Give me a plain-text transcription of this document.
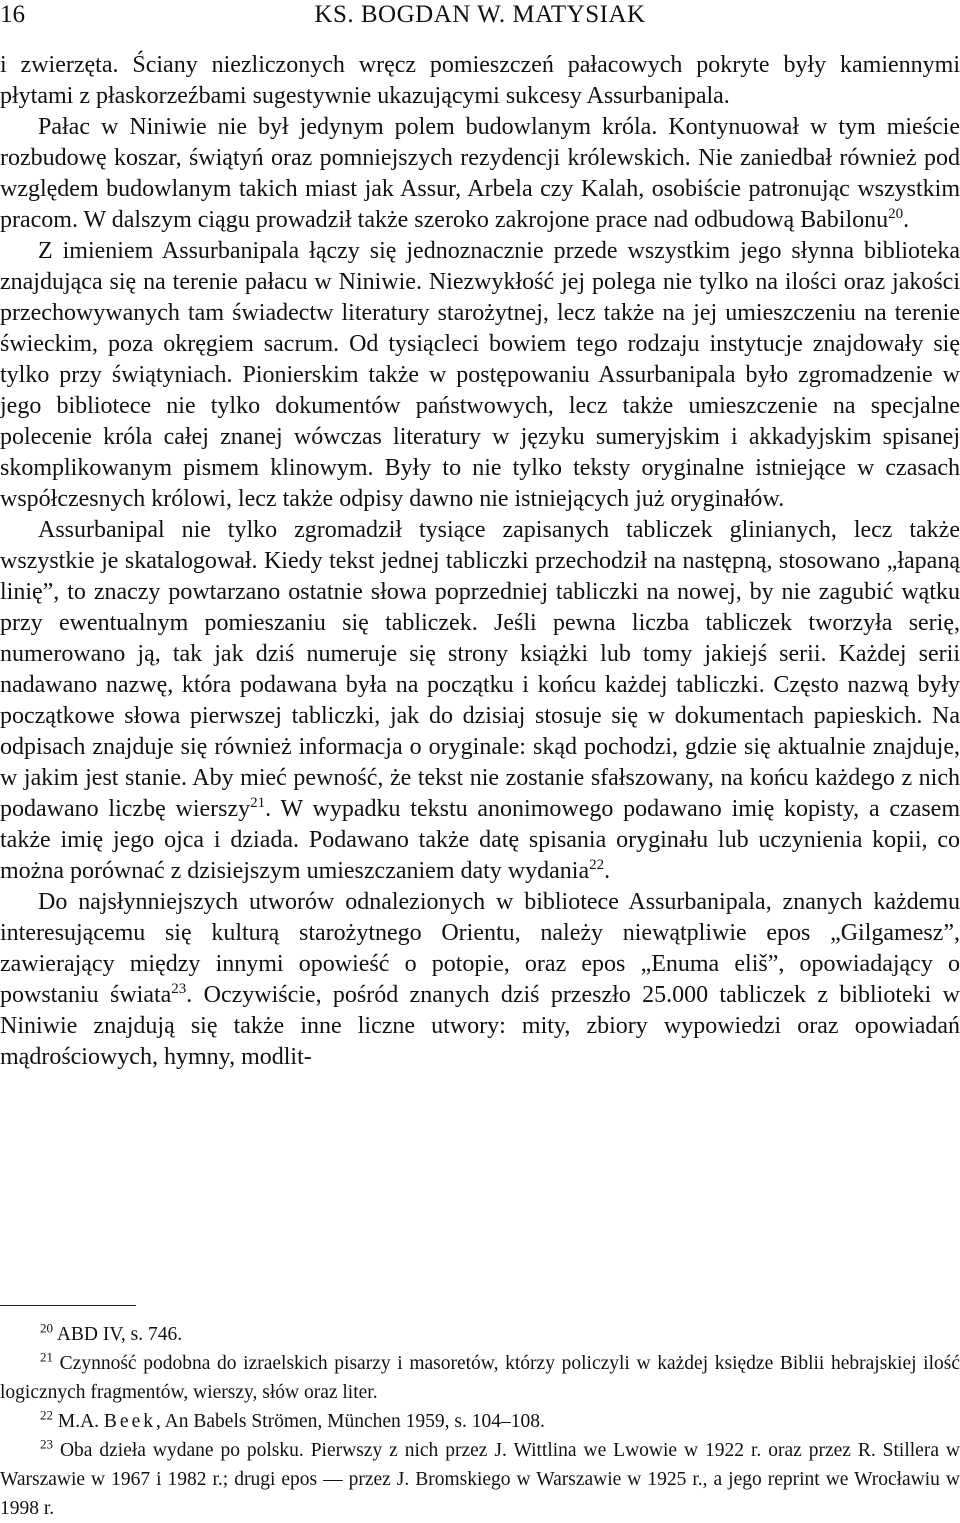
16	KS. BOGDAN W. MATYSIAK

i zwierzęta. Ściany niezliczonych wręcz pomieszczeń pałacowych pokryte były kamiennymi płytami z płaskorzeźbami sugestywnie ukazującymi sukcesy Assurbanipala.

Pałac w Niniwie nie był jedynym polem budowlanym króla. Kontynuował w tym mieście rozbudowę koszar, świątyń oraz pomniejszych rezydencji królewskich. Nie zaniedbał również pod względem budowlanym takich miast jak Assur, Arbela czy Kalah, osobiście patronując wszystkim pracom. W dalszym ciągu prowadził także szeroko zakrojone prace nad odbudową Babilonu$^{20}$.

Z imieniem Assurbanipala łączy się jednoznacznie przede wszystkim jego słynna biblioteka znajdująca się na terenie pałacu w Niniwie. Niezwykłość jej polega nie tylko na ilości oraz jakości przechowywanych tam świadectw literatury starożytnej, lecz także na jej umieszczeniu na terenie świeckim, poza okręgiem sacrum. Od tysiącleci bowiem tego rodzaju instytucje znajdowały się tylko przy świątyniach. Pionierskim także w postępowaniu Assurbanipala było zgromadzenie w jego bibliotece nie tylko dokumentów państwowych, lecz także umieszczenie na specjalne polecenie króla całej znanej wówczas literatury w języku sumeryjskim i akkadyjskim spisanej skomplikowanym pismem klinowym. Były to nie tylko teksty oryginalne istniejące w czasach współczesnych królowi, lecz także odpisy dawno nie istniejących już oryginałów.

Assurbanipal nie tylko zgromadził tysiące zapisanych tabliczek glinianych, lecz także wszystkie je skatalogował. Kiedy tekst jednej tabliczki przechodził na następną, stosowano „łapaną linię”, to znaczy powtarzano ostatnie słowa poprzedniej tabliczki na nowej, by nie zagubić wątku przy ewentualnym pomieszaniu się tabliczek. Jeśli pewna liczba tabliczek tworzyła serię, numerowano ją, tak jak dziś numeruje się strony książki lub tomy jakiejś serii. Każdej serii nadawano nazwę, która podawana była na początku i końcu każdej tabliczki. Często nazwą były początkowe słowa pierwszej tabliczki, jak do dzisiaj stosuje się w dokumentach papieskich. Na odpisach znajduje się również informacja o oryginale: skąd pochodzi, gdzie się aktualnie znajduje, w jakim jest stanie. Aby mieć pewność, że tekst nie zostanie sfałszowany, na końcu każdego z nich podawano liczbę wierszy$^{21}$. W wypadku tekstu anonimowego podawano imię kopisty, a czasem także imię jego ojca i dziada. Podawano także datę spisania oryginału lub uczynienia kopii, co można porównać z dzisiejszym umieszczaniem daty wydania$^{22}$.

Do najsłynniejszych utworów odnalezionych w bibliotece Assurbanipala, znanych każdemu interesującemu się kulturą starożytnego Orientu, należy niewątpliwie epos „Gilgamesz”, zawierający między innymi opowieść o potopie, oraz epos „Enuma eliš”, opowiadający o powstaniu świata$^{23}$. Oczywiście, pośród znanych dziś przeszło 25.000 tabliczek z biblioteki w Niniwie znajdują się także inne liczne utwory: mity, zbiory wypowiedzi oraz opowiadań mądrościowych, hymny, modlit-

$^{20}$ ABD IV, s. 746.

$^{21}$ Czynność podobna do izraelskich pisarzy i masoretów, którzy policzyli w każdej księdze Biblii hebrajskiej ilość logicznych fragmentów, wierszy, słów oraz liter.

$^{22}$ M.A. Beek, An Babels Strömen, München 1959, s. 104–108.

$^{23}$ Oba dzieła wydane po polsku. Pierwszy z nich przez J. Wittlina we Lwowie w 1922 r. oraz przez R. Stillera w Warszawie w 1967 i 1982 r.; drugi epos — przez J. Bromskiego w Warszawie w 1925 r., a jego reprint we Wrocławiu w 1998 r.
